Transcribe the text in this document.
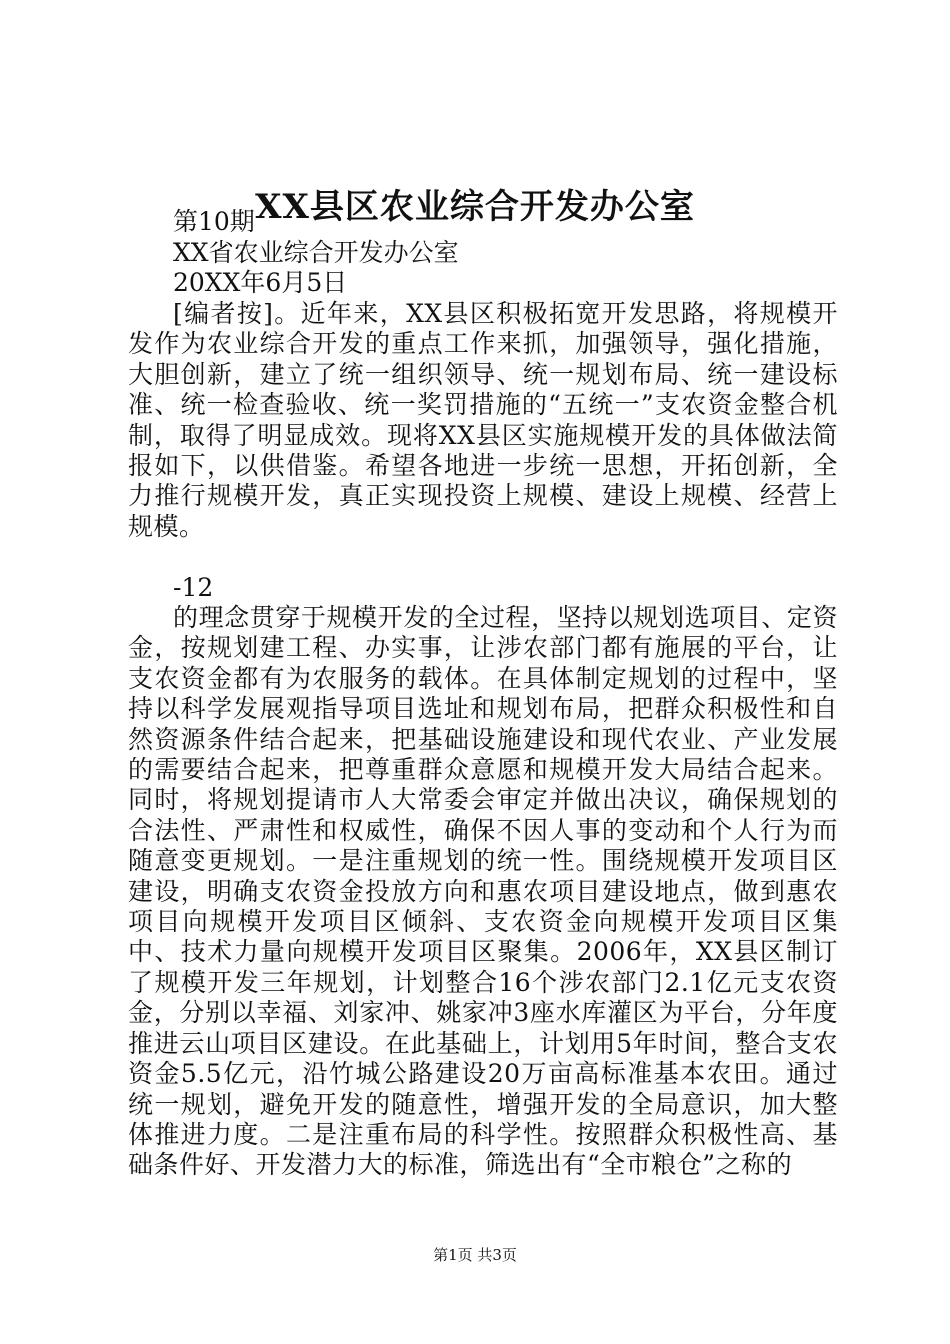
XX县区农业综合开发办公室
第10期
XX省农业综合开发办公室
20XX年6月5日
[编者按]。近年来，XX县区积极拓宽开发思路，将规模开发作为农业综合开发的重点工作来抓，加强领导，强化措施，大胆创新，建立了统一组织领导、统一规划布局、统一建设标准、统一检查验收、统一奖罚措施的“五统一”支农资金整合机制，取得了明显成效。现将XX县区实施规模开发的具体做法简报如下，以供借鉴。希望各地进一步统一思想，开拓创新，全力推行规模开发，真正实现投资上规模、建设上规模、经营上规模。
-12
的理念贯穿于规模开发的全过程，坚持以规划选项目、定资金，按规划建工程、办实事，让涉农部门都有施展的平台，让支农资金都有为农服务的载体。在具体制定规划的过程中，坚持以科学发展观指导项目选址和规划布局，把群众积极性和自然资源条件结合起来，把基础设施建设和现代农业、产业发展的需要结合起来，把尊重群众意愿和规模开发大局结合起来。同时，将规划提请市人大常委会审定并做出决议，确保规划的合法性、严肃性和权威性，确保不因人事的变动和个人行为而随意变更规划。一是注重规划的统一性。围绕规模开发项目区建设，明确支农资金投放方向和惠农项目建设地点，做到惠农项目向规模开发项目区倾斜、支农资金向规模开发项目区集中、技术力量向规模开发项目区聚集。2006年，XX县区制订了规模开发三年规划，计划整合16个涉农部门2.1亿元支农资金，分别以幸福、刘家冲、姚家冲3座水库灌区为平台，分年度推进云山项目区建设。在此基础上，计划用5年时间，整合支农资金5.5亿元，沿竹城公路建设20万亩高标准基本农田。通过统一规划，避免开发的随意性，增强开发的全局意识，加大整体推进力度。二是注重布局的科学性。按照群众积极性高、基础条件好、开发潜力大的标准，筛选出有“全市粮仓”之称的
第1页 共3页
